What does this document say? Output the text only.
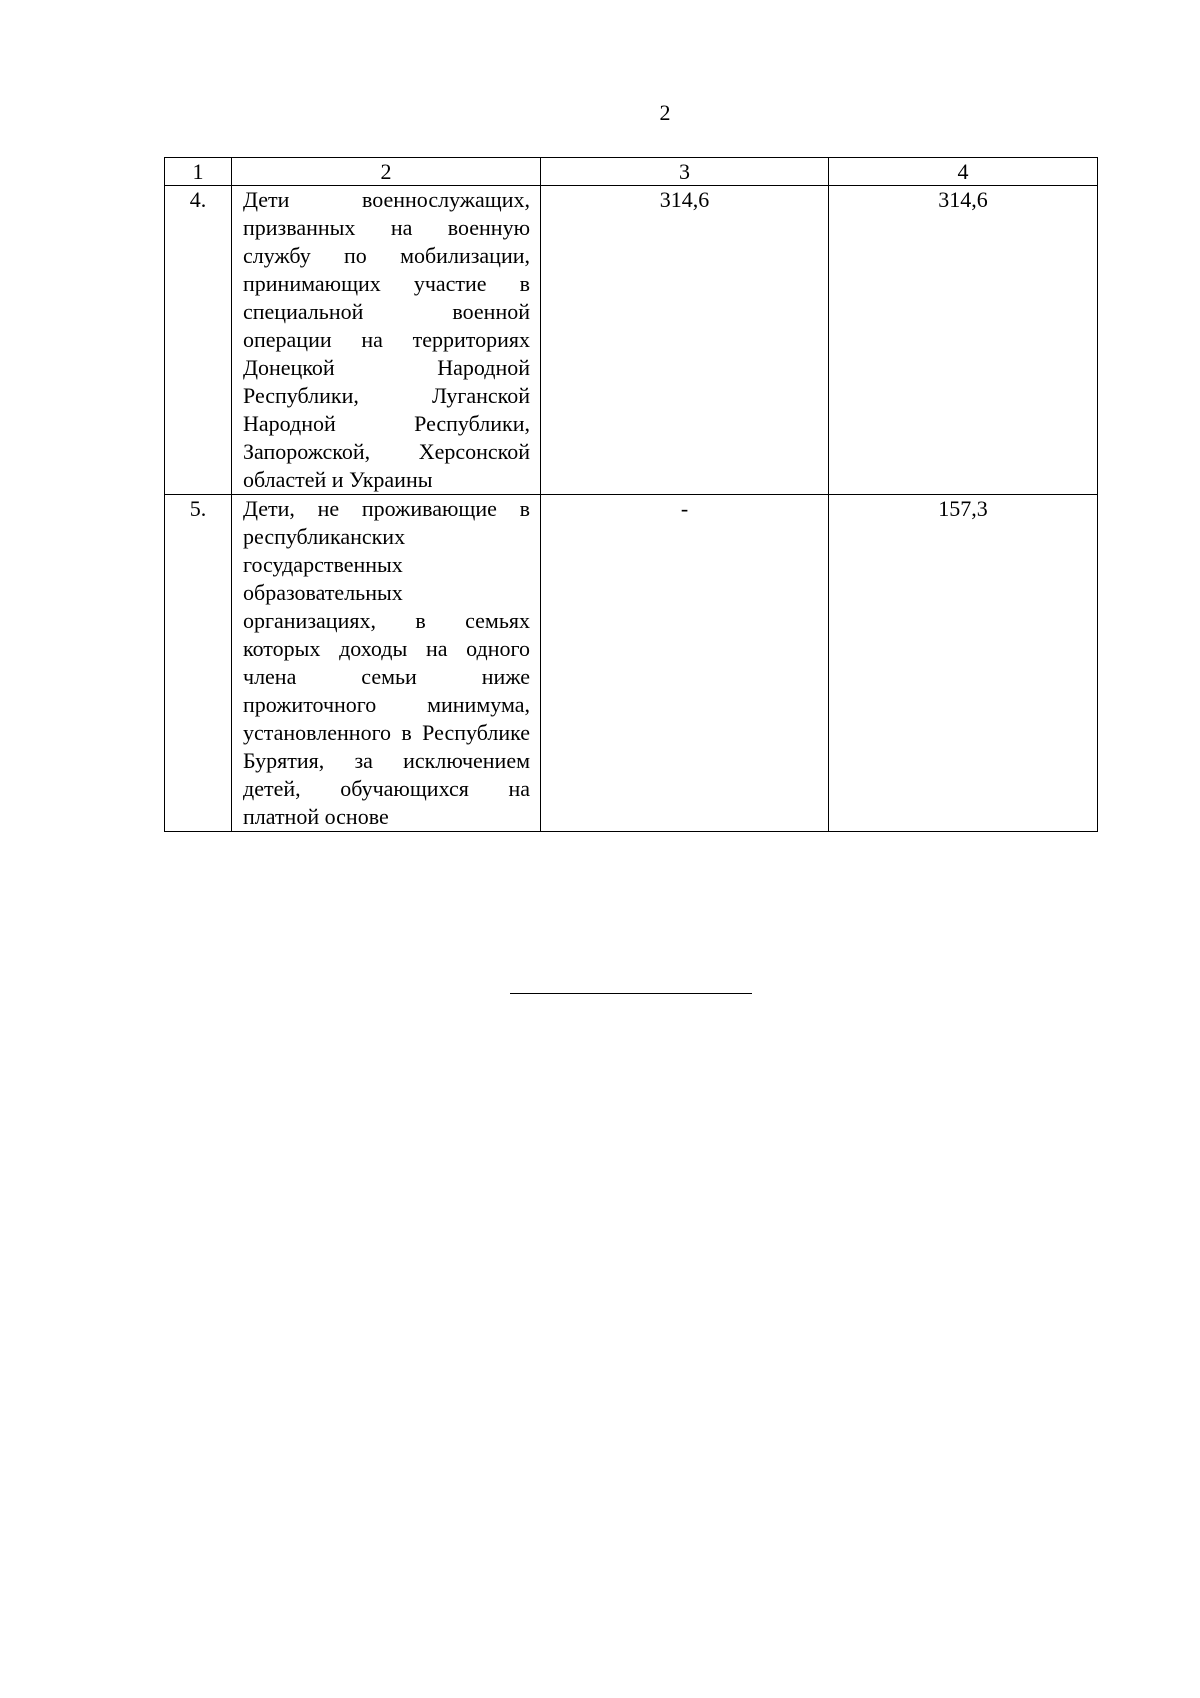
2
1	2	3	4
4.	Дети военнослужащих, призванных на военную службу по мобилизации, принимающих участие в специальной военной операции на территориях Донецкой Народной Республики, Луганской Народной Республики, Запорожской, Херсонской областей и Украины	314,6	314,6
5.	Дети, не проживающие в республиканских государственных образовательных организациях, в семьях которых доходы на одного члена семьи ниже прожиточного минимума, установленного в Республике Бурятия, за исключением детей, обучающихся на платной основе	-	157,3
